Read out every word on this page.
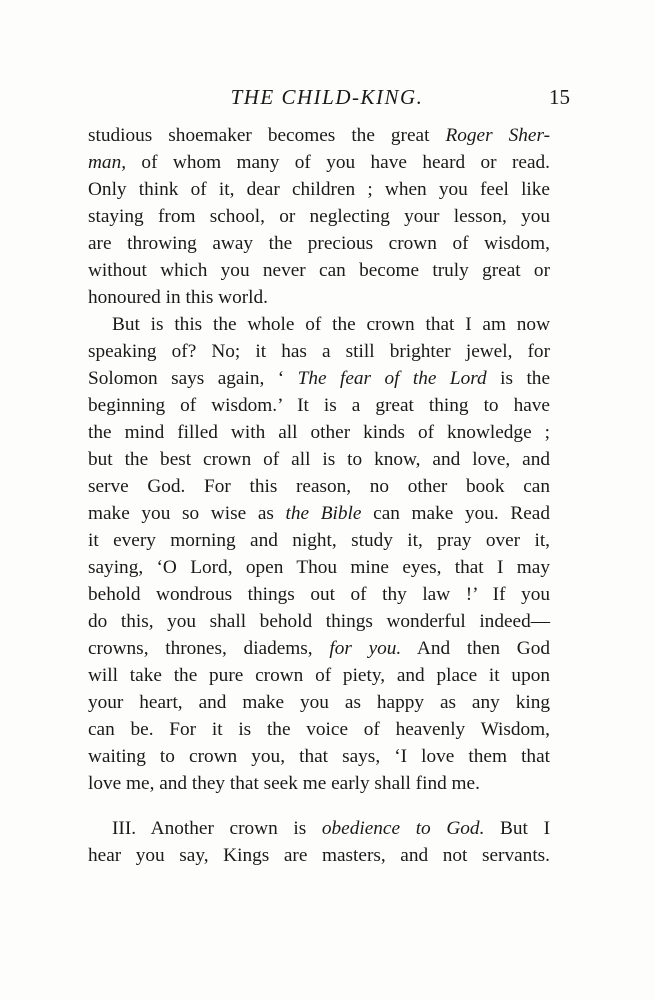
THE CHILD-KING.	15
studious shoemaker becomes the great Roger Sher-
man, of whom many of you have heard or read.
Only think of it, dear children ; when you feel like
staying from school, or neglecting your lesson, you
are throwing away the precious crown of wisdom,
without which you never can become truly great or
honoured in this world.
But is this the whole of the crown that I am now
speaking of? No; it has a still brighter jewel, for
Solomon says again, ‘ The fear of the Lord is the
beginning of wisdom.’ It is a great thing to have
the mind filled with all other kinds of knowledge ;
but the best crown of all is to know, and love, and
serve God. For this reason, no other book can
make you so wise as the Bible can make you. Read
it every morning and night, study it, pray over it,
saying, ‘O Lord, open Thou mine eyes, that I may
behold wondrous things out of thy law !’ If you
do this, you shall behold things wonderful indeed—
crowns, thrones, diadems, for you. And then God
will take the pure crown of piety, and place it upon
your heart, and make you as happy as any king
can be. For it is the voice of heavenly Wisdom,
waiting to crown you, that says, ‘I love them that
love me, and they that seek me early shall find me.
III. Another crown is obedience to God. But I
hear you say, Kings are masters, and not servants.
